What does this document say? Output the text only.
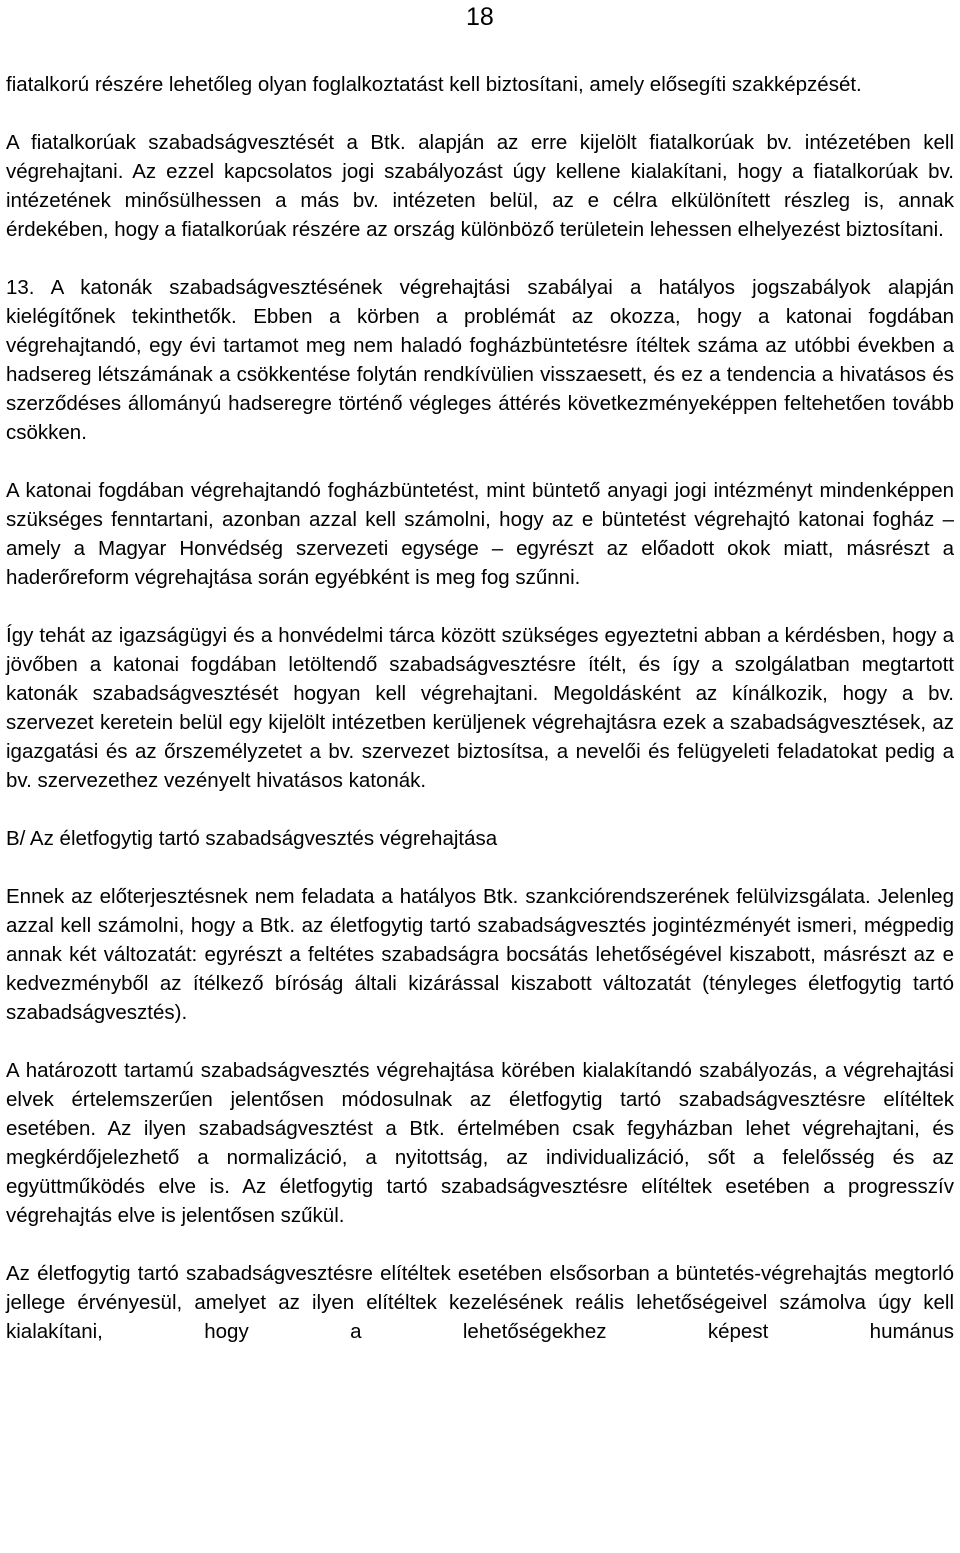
18

fiatalkorú részére lehetőleg olyan foglalkoztatást kell biztosítani, amely elősegíti szakképzését.

A fiatalkorúak szabadságvesztését a Btk. alapján az erre kijelölt fiatalkorúak bv. intézetében kell végrehajtani. Az ezzel kapcsolatos jogi szabályozást úgy kellene kialakítani, hogy a fiatalkorúak bv. intézetének minősülhessen a más bv. intézeten belül, az e célra elkülönített részleg is, annak érdekében, hogy a fiatalkorúak részére az ország különböző területein lehessen elhelyezést biztosítani.

13. A katonák szabadságvesztésének végrehajtási szabályai a hatályos jogszabályok alapján kielégítőnek tekinthetők. Ebben a körben a problémát az okozza, hogy a katonai fogdában végrehajtandó, egy évi tartamot meg nem haladó fogházbüntetésre ítéltek száma az utóbbi években a hadsereg létszámának a csökkentése folytán rendkívülien visszaesett, és ez a tendencia a hivatásos és szerződéses állományú hadseregre történő végleges áttérés következményeképpen feltehetően tovább csökken.

A katonai fogdában végrehajtandó fogházbüntetést, mint büntető anyagi jogi intézményt mindenképpen szükséges fenntartani, azonban azzal kell számolni, hogy az e büntetést végrehajtó katonai fogház – amely a Magyar Honvédség szervezeti egysége – egyrészt az előadott okok miatt, másrészt a haderőreform végrehajtása során egyébként is meg fog szűnni.

Így tehát az igazságügyi és a honvédelmi tárca között szükséges egyeztetni abban a kérdésben, hogy a jövőben a katonai fogdában letöltendő szabadságvesztésre ítélt, és így a szolgálatban megtartott katonák szabadságvesztését hogyan kell végrehajtani. Megoldásként az kínálkozik, hogy a bv. szervezet keretein belül egy kijelölt intézetben kerüljenek végrehajtásra ezek a szabadságvesztések, az igazgatási és az őrszemélyzetet a bv. szervezet biztosítsa, a nevelői és felügyeleti feladatokat pedig a bv. szervezethez vezényelt hivatásos katonák.

B/ Az életfogytig tartó szabadságvesztés végrehajtása

Ennek az előterjesztésnek nem feladata a hatályos Btk. szankciórendszerének felülvizsgálata. Jelenleg azzal kell számolni, hogy a Btk. az életfogytig tartó szabadságvesztés jogintézményét ismeri, mégpedig annak két változatát: egyrészt a feltétes szabadságra bocsátás lehetőségével kiszabott, másrészt az e kedvezményből az ítélkező bíróság általi kizárással kiszabott változatát (tényleges életfogytig tartó szabadságvesztés).

A határozott tartamú szabadságvesztés végrehajtása körében kialakítandó szabályozás, a végrehajtási elvek értelemszerűen jelentősen módosulnak az életfogytig tartó szabadságvesztésre elítéltek esetében. Az ilyen szabadságvesztést a Btk. értelmében csak fegyházban lehet végrehajtani, és megkérdőjelezhető a normalizáció, a nyitottság, az individualizáció, sőt a felelősség és az együttműködés elve is. Az életfogytig tartó szabadságvesztésre elítéltek esetében a progresszív végrehajtás elve is jelentősen szűkül.

Az életfogytig tartó szabadságvesztésre elítéltek esetében elsősorban a büntetés-végrehajtás megtorló jellege érvényesül, amelyet az ilyen elítéltek kezelésének reális lehetőségeivel számolva úgy kell kialakítani, hogy a lehetőségekhez képest humánus
